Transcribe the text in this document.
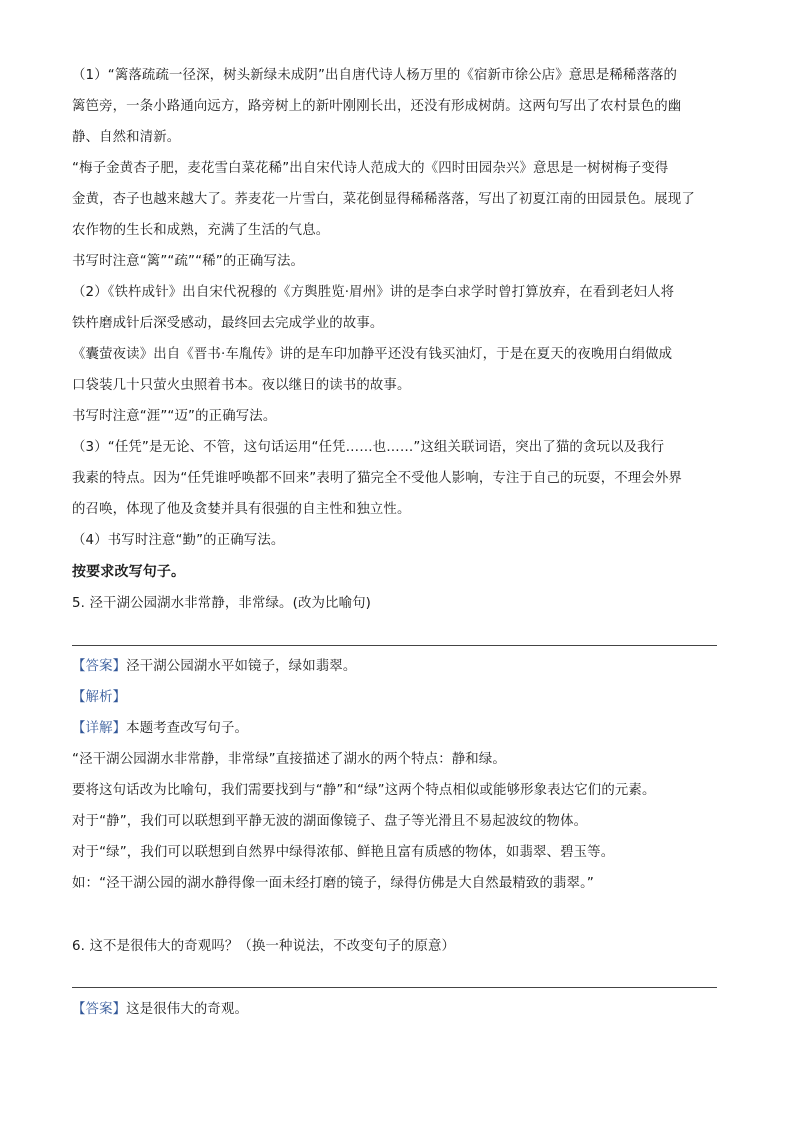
（1）“篱落疏疏一径深，树头新绿未成阴”出自唐代诗人杨万里的《宿新市徐公店》意思是稀稀落落的
篱笆旁，一条小路通向远方，路旁树上的新叶刚刚长出，还没有形成树荫。这两句写出了农村景色的幽
静、自然和清新。
“梅子金黄杏子肥，麦花雪白菜花稀”出自宋代诗人范成大的《四时田园杂兴》意思是一树树梅子变得
金黄，杏子也越来越大了。荞麦花一片雪白，菜花倒显得稀稀落落，写出了初夏江南的田园景色。展现了
农作物的生长和成熟，充满了生活的气息。
书写时注意“篱”“疏”“稀”的正确写法。
（2）《铁杵成针》出自宋代祝穆的《方舆胜览·眉州》讲的是李白求学时曾打算放弃，在看到老妇人将
铁杵磨成针后深受感动，最终回去完成学业的故事。
《囊萤夜读》出自《晋书·车胤传》讲的是车印加静平还没有钱买油灯，于是在夏天的夜晚用白绢做成
口袋装几十只萤火虫照着书本。夜以继日的读书的故事。
书写时注意“涯”“迈”的正确写法。
（3）“任凭”是无论、不管，这句话运用“任凭……也……”这组关联词语，突出了猫的贪玩以及我行
我素的特点。因为“任凭谁呼唤都不回来”表明了猫完全不受他人影响，专注于自己的玩耍，不理会外界
的召唤，体现了他及贪婪并具有很强的自主性和独立性。
（4）书写时注意“勤”的正确写法。
按要求改写句子。
5. 泾干湖公园湖水非常静，非常绿。(改为比喻句)
【答案】泾干湖公园湖水平如镜子，绿如翡翠。
【解析】
【详解】本题考查改写句子。
“泾干湖公园湖水非常静，非常绿”直接描述了湖水的两个特点：静和绿。
要将这句话改为比喻句，我们需要找到与“静”和“绿”这两个特点相似或能够形象表达它们的元素。
对于“静”，我们可以联想到平静无波的湖面像镜子、盘子等光滑且不易起波纹的物体。
对于“绿”，我们可以联想到自然界中绿得浓郁、鲜艳且富有质感的物体，如翡翠、碧玉等。
如：“泾干湖公园的湖水静得像一面未经打磨的镜子，绿得仿佛是大自然最精致的翡翠。”
6. 这不是很伟大的奇观吗？（换一种说法，不改变句子的原意）
【答案】这是很伟大的奇观。
